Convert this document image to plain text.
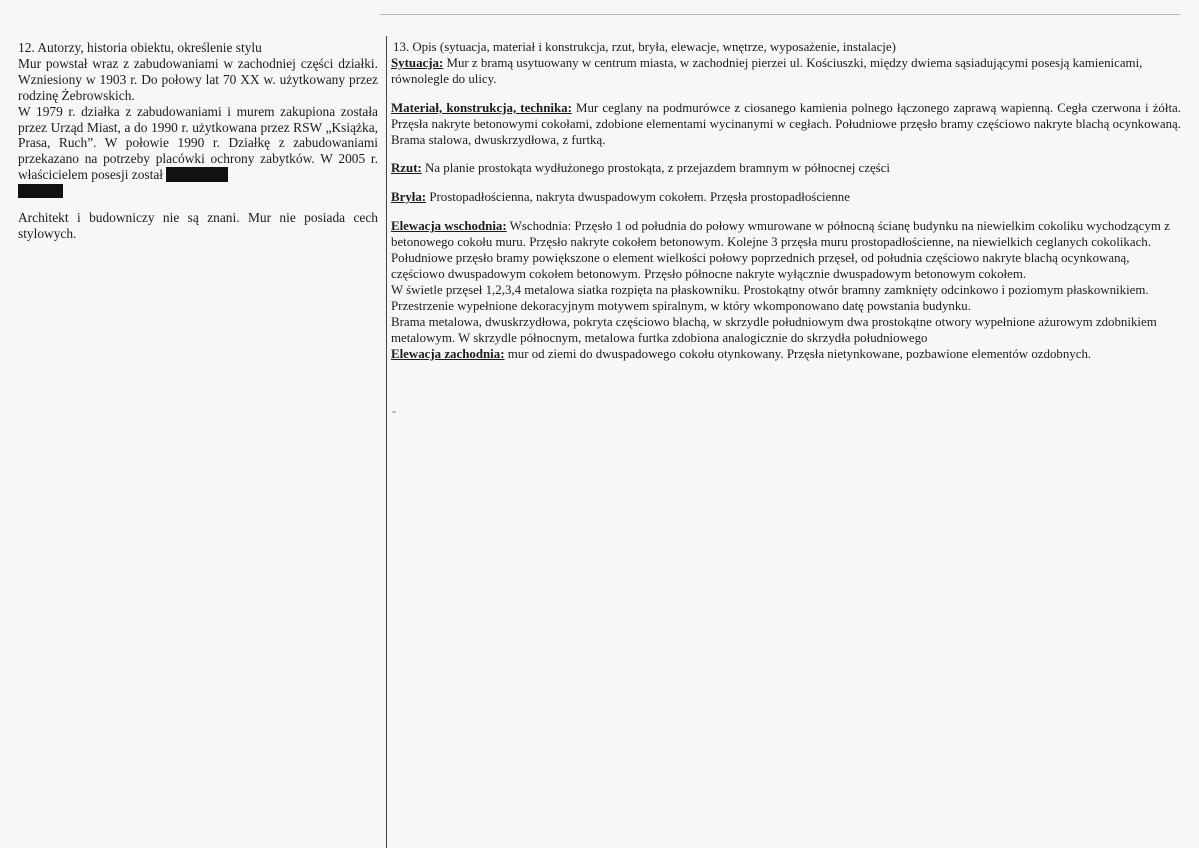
12. Autorzy, historia obiektu, określenie stylu

Mur powstał wraz z zabudowaniami w zachodniej części działki. Wzniesiony w 1903 r. Do połowy lat 70 XX w. użytkowany przez rodzinę Żebrowskich.

W 1979 r. działka z zabudowaniami i murem zakupiona została przez Urząd Miast, a do 1990 r. użytkowana przez RSW „Książka, Prasa, Ruch”. W połowie 1990 r. Działkę z zabudowaniami przekazano na potrzeby placówki ochrony zabytków. W 2005 r. właścicielem posesji został

Architekt i budowniczy nie są znani. Mur nie posiada cech stylowych.

13. Opis (sytuacja, materiał i konstrukcja, rzut, bryła, elewacje, wnętrze, wyposażenie, instalacje)

Sytuacja: Mur z bramą usytuowany w centrum miasta, w zachodniej pierzei ul. Kościuszki, między dwiema sąsiadującymi posesją kamienicami, równolegle do ulicy.

Materiał, konstrukcja, technika: Mur ceglany na podmurówce z ciosanego kamienia polnego łączonego zaprawą wapienną. Cegła czerwona i żółta. Przęsła nakryte betonowymi cokołami, zdobione elementami wycinanymi w cegłach. Południowe przęsło bramy częściowo nakryte blachą ocynkowaną. Brama stalowa, dwuskrzydłowa, z furtką.

Rzut: Na planie prostokąta wydłużonego prostokąta, z przejazdem bramnym w północnej części

Bryła: Prostopadłościenna, nakryta dwuspadowym cokołem. Przęsła prostopadłościenne

Elewacja wschodnia: Wschodnia: Przęsło 1 od południa do połowy wmurowane w północną ścianę budynku na niewielkim cokoliku wychodzącym z betonowego cokołu muru. Przęsło nakryte cokołem betonowym. Kolejne 3 przęsła muru prostopadłościenne, na niewielkich ceglanych cokolikach. Południowe przęsło bramy powiększone o element wielkości połowy poprzednich przęseł, od południa częściowo nakryte blachą ocynkowaną, częściowo dwuspadowym cokołem betonowym. Przęsło północne nakryte wyłącznie dwuspadowym betonowym cokołem.

W świetle przęseł 1,2,3,4 metalowa siatka rozpięta na płaskowniku. Prostokątny otwór bramny zamknięty odcinkowo i poziomym płaskownikiem. Przestrzenie wypełnione dekoracyjnym motywem spiralnym, w który wkomponowano datę powstania budynku.

Brama metalowa, dwuskrzydłowa, pokryta częściowo blachą, w skrzydle południowym dwa prostokątne otwory wypełnione ażurowym zdobnikiem metalowym. W skrzydle północnym, metalowa furtka zdobiona analogicznie do skrzydła południowego

Elewacja zachodnia: mur od ziemi do dwuspadowego cokołu otynkowany. Przęsła nietynkowane, pozbawione elementów ozdobnych.

-
